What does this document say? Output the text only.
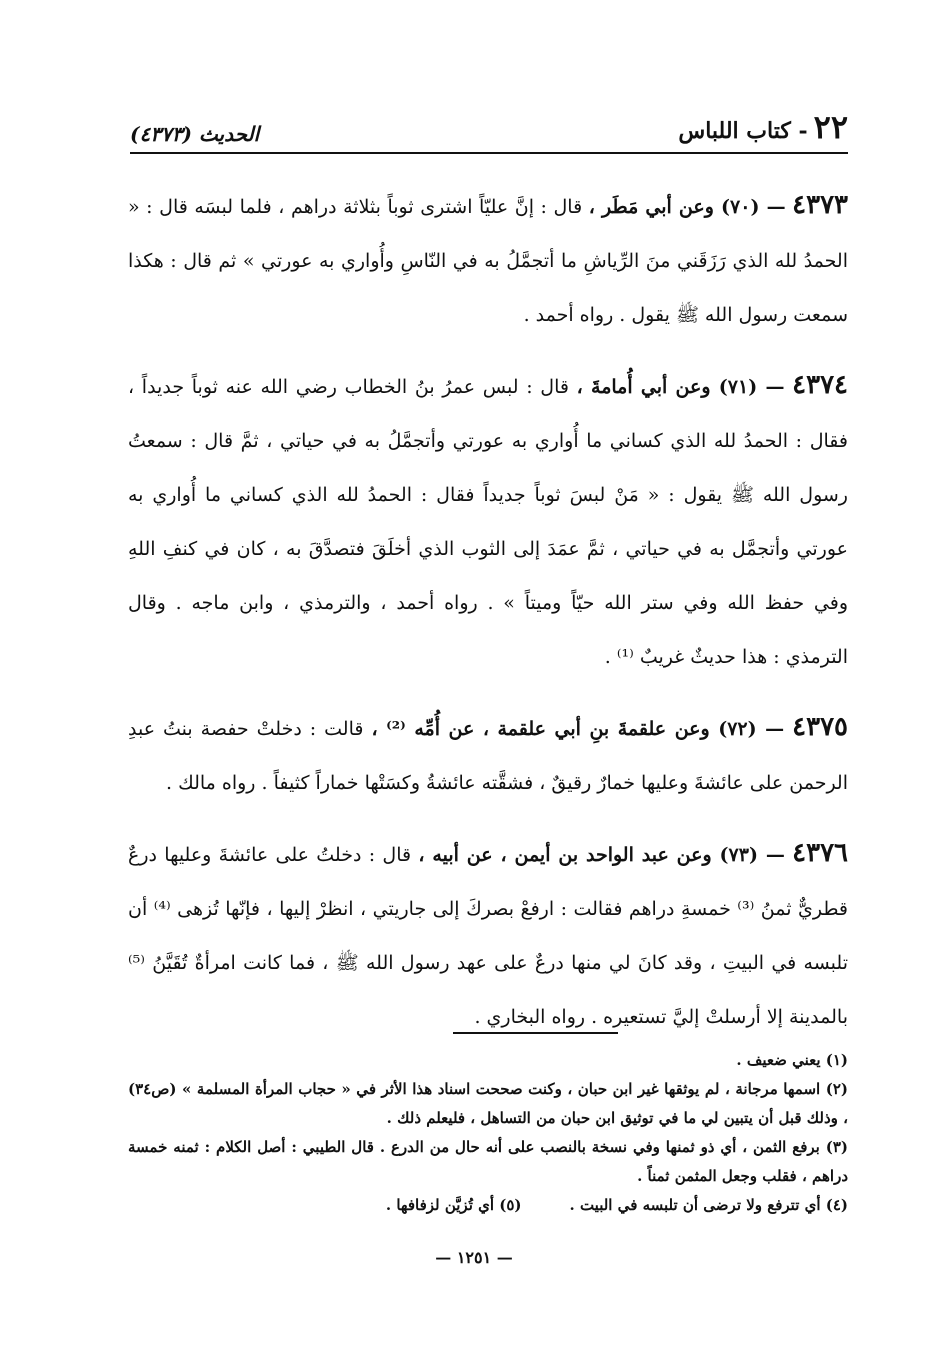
٢٢
- كتاب اللباس
الحديث (٤٣٧٣)

٤٣٧٣ — (٧٠) وعن أبي مَطَر ، قال : إنَّ عليّاً اشترى ثوباً بثلاثة دراهم ، فلما لبسَه قال : « الحمدُ لله الذي رَزَقَني منَ الرِّياشِ ما أتجمَّلُ به في النّاسِ وأُواري به عورتي » ثم قال : هكذا سمعت رسول الله ﷺ يقول . رواه أحمد .

٤٣٧٤ — (٧١) وعن أبي أُمامةَ ، قال : لبس عمرُ بنُ الخطاب رضي الله عنه ثوباً جديداً ، فقال : الحمدُ لله الذي كساني ما أُواري به عورتي وأتجمَّلُ به في حياتي ، ثمَّ قال : سمعتُ رسول الله ﷺ يقول : « مَنْ لبسَ ثوباً جديداً فقال : الحمدُ لله الذي كساني ما أُواري به عورتي وأتجمَّل به في حياتي ، ثمَّ عمَدَ إلى الثوب الذي أخلَقَ فتصدَّقَ به ، كان في كنفِ اللهِ وفي حفظ الله وفي ستر الله حيّاً وميتاً » . رواه أحمد ، والترمذي ، وابن ماجه . وقال الترمذي : هذا حديثٌ غريبٌ ⁽¹⁾ .

٤٣٧٥ — (٧٢) وعن علقمةَ بنِ أبي علقمة ، عن أُمِّه ⁽²⁾ ، قالت : دخلتْ حفصة بنتُ عبدِ الرحمن على عائشةَ وعليها خمارٌ رقيقٌ ، فشقَّته عائشةُ وكسَتْها خماراً كثيفاً . رواه مالك .

٤٣٧٦ — (٧٣) وعن عبد الواحد بن أيمن ، عن أبيه ، قال : دخلتُ على عائشةَ وعليها درعٌ قطريٌّ ثمنُ ⁽³⁾ خمسةِ دراهم فقالت : ارفعْ بصركَ إلى جاريتي ، انظرْ إليها ، فإنّها تُزهى ⁽⁴⁾ أن تلبسه في البيتِ ، وقد كانَ لي منها درعٌ على عهد رسول الله ﷺ ، فما كانت امرأةٌ تُقَيَّنُ ⁽⁵⁾ بالمدينة إلا أرسلتْ إليَّ تستعيره . رواه البخاري .

(١) يعني ضعيف .

(٢) اسمها مرجانة ، لم يوثقها غير ابن حبان ، وكنت صححت اسناد هذا الأثر في « حجاب المرأة المسلمة » (ص٣٤) ، وذلك قبل أن يتبين لي ما في توثيق ابن حبان من التساهل ، فليعلم ذلك .

(٣) برفع الثمن ، أي ذو ثمنها وفي نسخة بالنصب على أنه حال من الدرع . قال الطيبي : أصل الكلام : ثمنه خمسة دراهم ، فقلب وجعل المثمن ثمناً .

(٤) أي تترفع ولا ترضى أن تلبسه في البيت .
(٥) أي تُزيَّن لزفافها .
— ١٢٥١ —
